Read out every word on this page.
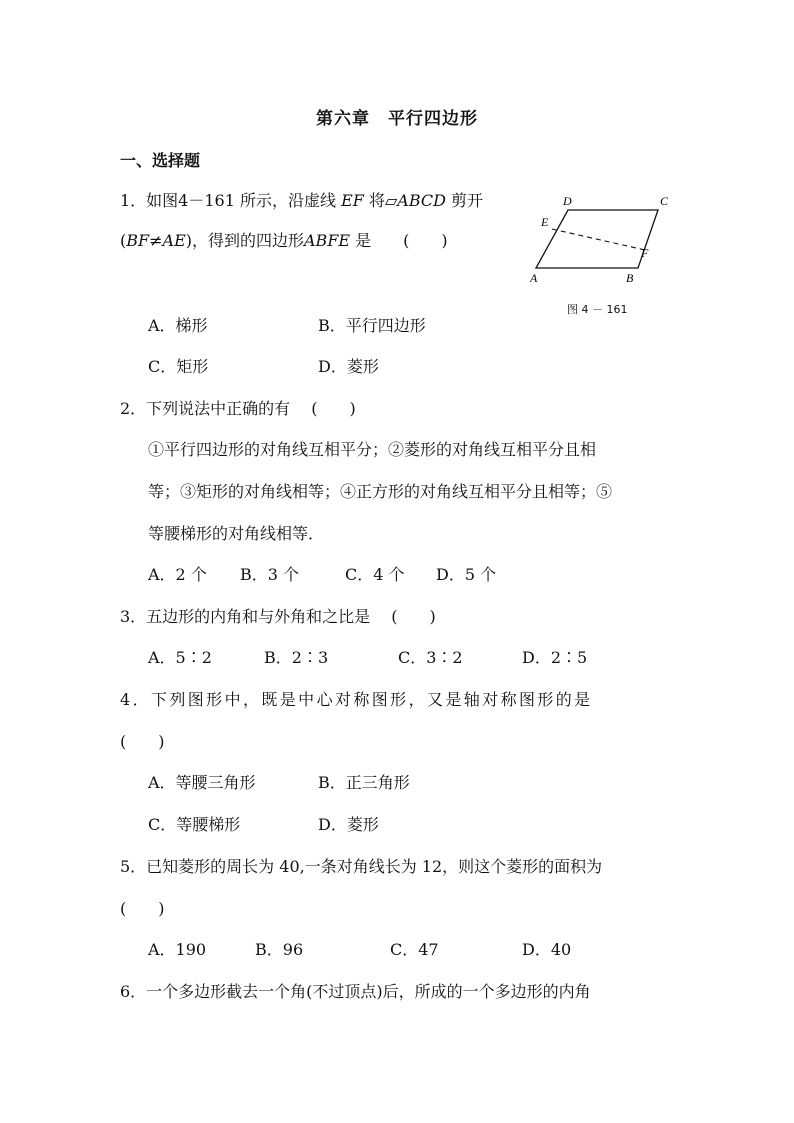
第六章　平行四边形
一、选择题
1．如图4－161 所示，沿虚线 EF 将▱ABCD 剪开
(BF≠AE)，得到的四边形ABFE 是　　(　　)
D	C
E
F
A	B
图 4 － 161
A．梯形	B．平行四边形
C．矩形	D．菱形
2．下列说法中正确的有　 (　　)
①平行四边形的对角线互相平分；②菱形的对角线互相平分且相
等；③矩形的对角线相等；④正方形的对角线互相平分且相等；⑤
等腰梯形的对角线相等．
A．2 个 B．3 个	C．4 个 D．5 个
3．五边形的内角和与外角和之比是　 (　　)
A．5∶2	B．2∶3	C．3∶2	D．2∶5
4．下列图形中，既是中心对称图形，又是轴对称图形的是
(　　)
A．等腰三角形	B．正三角形
C．等腰梯形	D．菱形
5．已知菱形的周长为 40,一条对角线长为 12，则这个菱形的面积为
(　　)
A．190	B．96	C．47	D．40
6．一个多边形截去一个角(不过顶点)后，所成的一个多边形的内角
